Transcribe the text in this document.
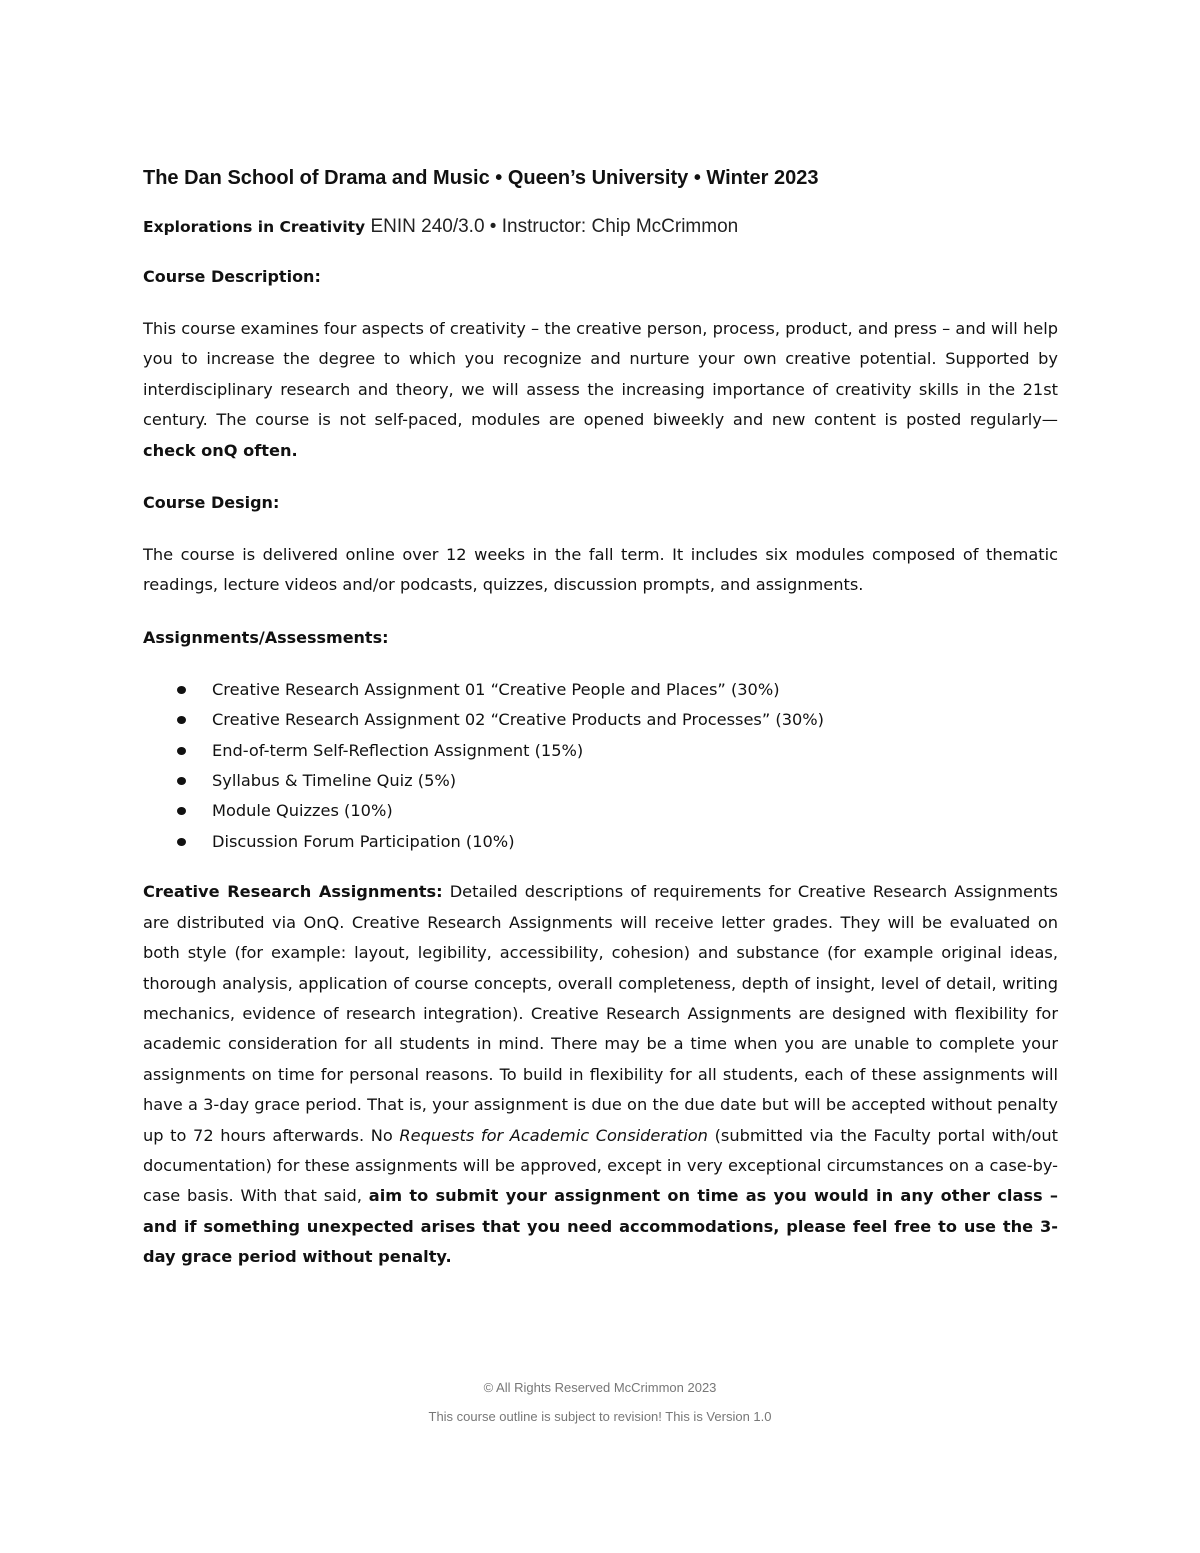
The Dan School of Drama and Music • Queen’s University • Winter 2023
Explorations in Creativity ENIN 240/3.0 • Instructor: Chip McCrimmon
Course Description:

This course examines four aspects of creativity – the creative person, process, product, and press – and will help you to increase the degree to which you recognize and nurture your own creative potential. Supported by interdisciplinary research and theory, we will assess the increasing importance of creativity skills in the 21st century. The course is not self-paced, modules are opened biweekly and new content is posted regularly— check onQ often.

Course Design:

The course is delivered online over 12 weeks in the fall term. It includes six modules composed of thematic readings, lecture videos and/or podcasts, quizzes, discussion prompts, and assignments.

Assignments/Assessments:
Creative Research Assignment 01 “Creative People and Places” (30%)
Creative Research Assignment 02 “Creative Products and Processes” (30%)
End-of-term Self-Reflection Assignment (15%)
Syllabus & Timeline Quiz (5%)
Module Quizzes (10%)
Discussion Forum Participation (10%)

Creative Research Assignments: Detailed descriptions of requirements for Creative Research Assignments are distributed via OnQ. Creative Research Assignments will receive letter grades. They will be evaluated on both style (for example: layout, legibility, accessibility, cohesion) and substance (for example original ideas, thorough analysis, application of course concepts, overall completeness, depth of insight, level of detail, writing mechanics, evidence of research integration). Creative Research Assignments are designed with flexibility for academic consideration for all students in mind. There may be a time when you are unable to complete your assignments on time for personal reasons. To build in flexibility for all students, each of these assignments will have a 3-day grace period. That is, your assignment is due on the due date but will be accepted without penalty up to 72 hours afterwards. No Requests for Academic Consideration (submitted via the Faculty portal with/out documentation) for these assignments will be approved, except in very exceptional circumstances on a case-by-case basis. With that said, aim to submit your assignment on time as you would in any other class – and if something unexpected arises that you need accommodations, please feel free to use the 3-day grace period without penalty.

© All Rights Reserved McCrimmon 2023
This course outline is subject to revision! This is Version 1.0
